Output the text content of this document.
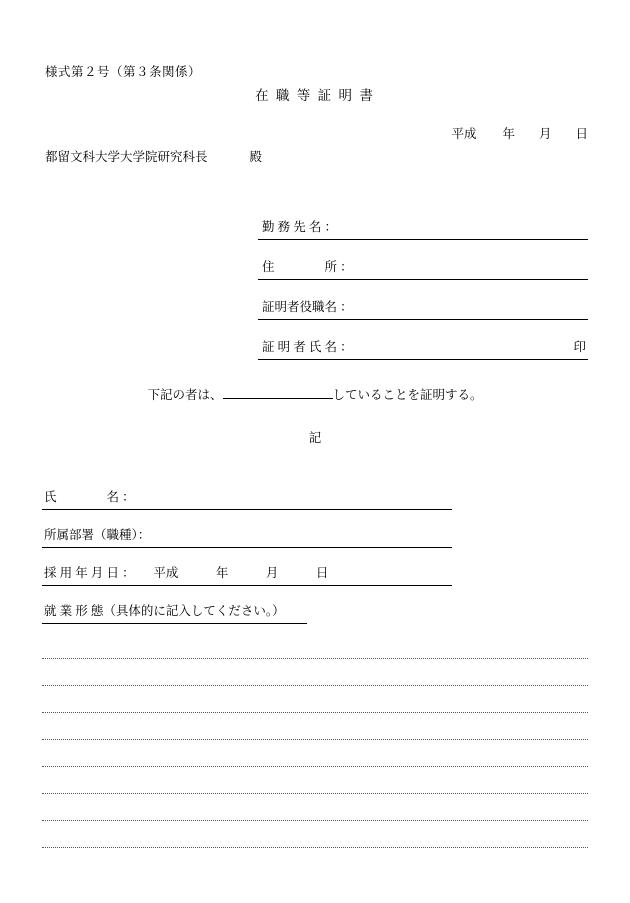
様式第２号（第３条関係）
在 職 等 証 明 書
平成 年 月 日
都留文科大学大学院研究科長	殿
勤 務 先 名 ：
住　　　　所 ：
証明者役職名 ：
証 明 者 氏 名 ：	印
下記の者は、	していることを証明する。
記
氏　　　　名 ：
所属部署（職種）：
採 用 年 月 日 ：　　平成　　　年　　　月　　　日
就 業 形 態（具体的に記入してください。）
